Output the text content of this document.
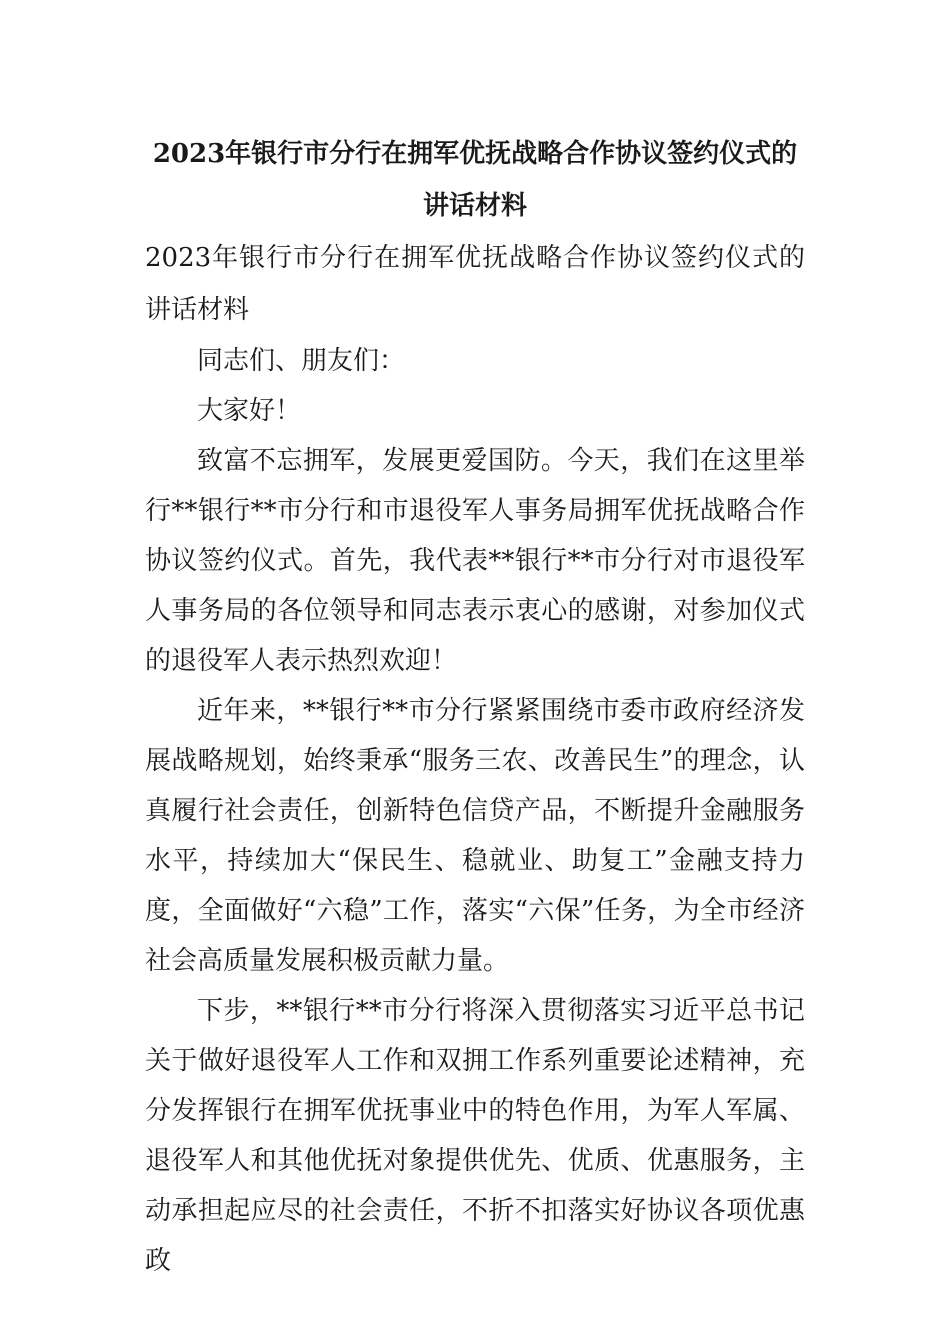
2023年银行市分行在拥军优抚战略合作协议签约仪式的讲话材料

2023年银行市分行在拥军优抚战略合作协议签约仪式的讲话材料

同志们、朋友们：

大家好！

致富不忘拥军，发展更爱国防。今天，我们在这里举行**银行**市分行和市退役军人事务局拥军优抚战略合作协议签约仪式。首先，我代表**银行**市分行对市退役军人事务局的各位领导和同志表示衷心的感谢，对参加仪式的退役军人表示热烈欢迎！

近年来，**银行**市分行紧紧围绕市委市政府经济发展战略规划，始终秉承“服务三农、改善民生”的理念，认真履行社会责任，创新特色信贷产品，不断提升金融服务水平，持续加大“保民生、稳就业、助复工”金融支持力度，全面做好“六稳”工作，落实“六保”任务，为全市经济社会高质量发展积极贡献力量。

下步，**银行**市分行将深入贯彻落实习近平总书记关于做好退役军人工作和双拥工作系列重要论述精神，充分发挥银行在拥军优抚事业中的特色作用，为军人军属、退役军人和其他优抚对象提供优先、优质、优惠服务，主动承担起应尽的社会责任，不折不扣落实好协议各项优惠政
